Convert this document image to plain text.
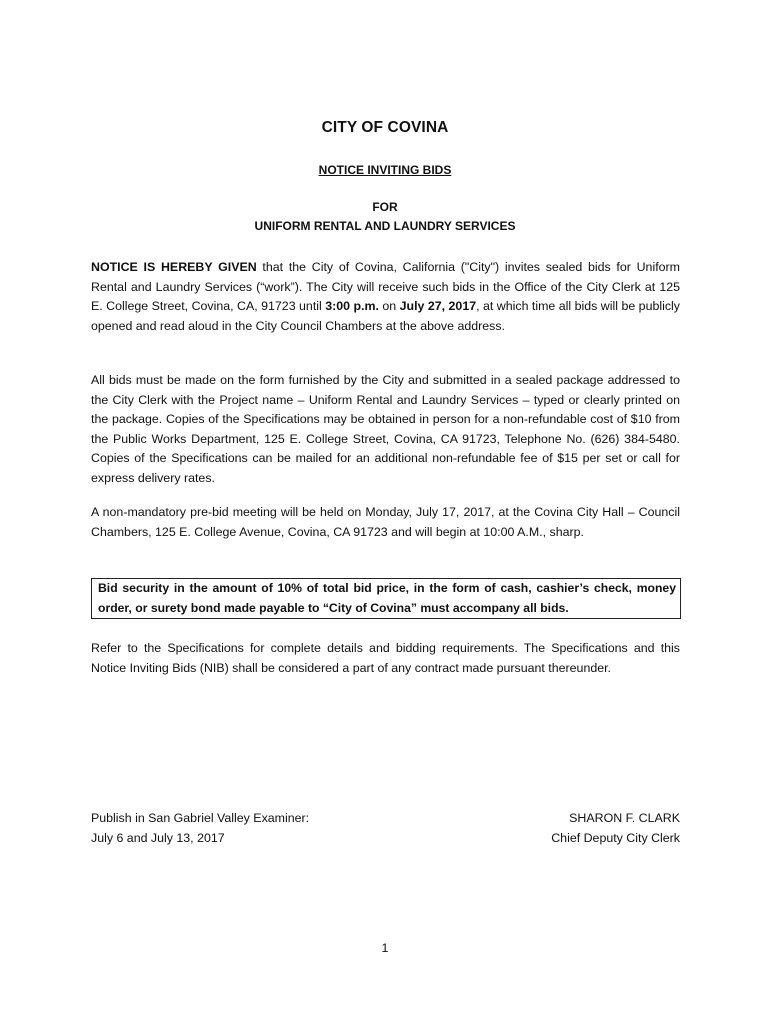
CITY OF COVINA
NOTICE INVITING BIDS
FOR
UNIFORM RENTAL AND LAUNDRY SERVICES

NOTICE IS HEREBY GIVEN that the City of Covina, California ("City") invites sealed bids for Uniform Rental and Laundry Services (“work”). The City will receive such bids in the Office of the City Clerk at 125 E. College Street, Covina, CA, 91723 until 3:00 p.m. on July 27, 2017, at which time all bids will be publicly opened and read aloud in the City Council Chambers at the above address.

All bids must be made on the form furnished by the City and submitted in a sealed package addressed to the City Clerk with the Project name – Uniform Rental and Laundry Services – typed or clearly printed on the package. Copies of the Specifications may be obtained in person for a non-refundable cost of $10 from the Public Works Department, 125 E. College Street, Covina, CA 91723, Telephone No. (626) 384-5480. Copies of the Specifications can be mailed for an additional non-refundable fee of $15 per set or call for express delivery rates.

A non-mandatory pre-bid meeting will be held on Monday, July 17, 2017, at the Covina City Hall – Council Chambers, 125 E. College Avenue, Covina, CA 91723 and will begin at 10:00 A.M., sharp.

Bid security in the amount of 10% of total bid price, in the form of cash, cashier’s check, money order, or surety bond made payable to “City of Covina” must accompany all bids.

Refer to the Specifications for complete details and bidding requirements. The Specifications and this Notice Inviting Bids (NIB) shall be considered a part of any contract made pursuant thereunder.

Publish in San Gabriel Valley Examiner:
July 6 and July 13, 2017
SHARON F. CLARK
Chief Deputy City Clerk
1
